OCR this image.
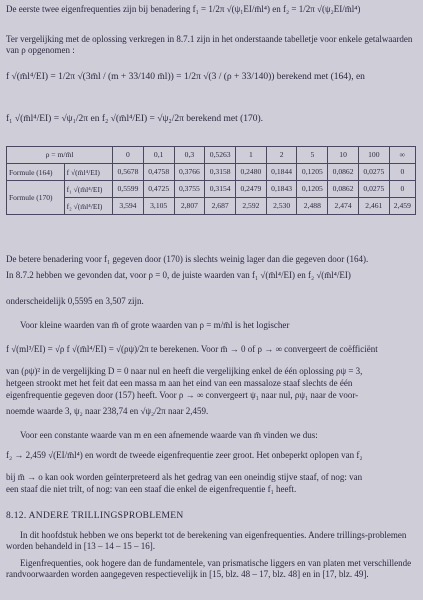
De eerste twee eigenfrequenties zijn bij benadering f₁ = 1/2π √(ψ₁EI/m̄l⁴) en f₂ = 1/2π √(ψ₂EI/m̄l⁴)
Ter vergelijking met de oplossing verkregen in 8.7.1 zijn in het onderstaande tabelletje voor enkele getalwaarden van ρ opgenomen :
f √(m̄l⁴/EI) = 1/2π √(3m̄l / (m + 33/140 m̄l)) = 1/2π √(3 / (ρ + 33/140)) berekend met (164), en
f₁ √(m̄l⁴/EI) = √ψ₁/2π en f₂ √(m̄l⁴/EI) = √ψ₂/2π berekend met (170).
ρ = m/m̄l		0	0,1	0,3	0,5263	1	2	5	10	100	∞
Formule (164)	f √(m̄l⁴/EI)	0,5678	0,4758	0,3766	0,3158	0,2480	0,1844	0,1205	0,0862	0,0275	0
Formule (170)	f₁ √(m̄l⁴/EI)	0,5599	0,4725	0,3755	0,3154	0,2479	0,1843	0,1205	0,0862	0,0275	0
	f₂ √(m̄l⁴/EI)	3,594	3,105	2,807	2,687	2,592	2,530	2,488	2,474	2,461	2,459
De betere benadering voor f₁ gegeven door (170) is slechts weinig lager dan die gegeven door (164).
In 8.7.2 hebben we gevonden dat, voor ρ = 0, de juiste waarden van f₁ √(m̄l⁴/EI) en f₂ √(m̄l⁴/EI)
onderscheidelijk 0,5595 en 3,507 zijn.
Voor kleine waarden van m̄ of grote waarden van ρ = m/m̄l is het logischer
f √(ml³/EI) = √ρ f √(m̄l⁴/EI) = √(ρψ)/2π te berekenen. Voor m̄ → 0 of ρ → ∞ convergeert de coëfficiënt
van (ρψ)² in de vergelijking D = 0 naar nul en heeft die vergelijking enkel de één oplossing ρψ = 3,
hetgeen strookt met het feit dat een massa m aan het eind van een massaloze staaf slechts de één
eigenfrequentie gegeven door (157) heeft. Voor ρ → ∞ convergeert ψ₁ naar nul, ρψ₁ naar de voor-
noemde waarde 3, ψ₂ naar 238,74 en √ψ₂/2π naar 2,459.
Voor een constante waarde van m en een afnemende waarde van m̄ vinden we dus:
f₂ → 2,459 √(EI/m̄l⁴) en wordt de tweede eigenfrequentie zeer groot. Het onbeperkt oplopen van f₂
bij m̄ → o kan ook worden geïnterpreteerd als het gedrag van een oneindig stijve staaf, of nog: van
een staaf die niet trilt, of nog: van een staaf die enkel de eigenfrequentie f₁ heeft.
8.12. ANDERE TRILLINGSPROBLEMEN
In dit hoofdstuk hebben we ons beperkt tot de berekening van eigenfrequenties. Andere trillings-problemen worden behandeld in [13 – 14 – 15 – 16].
Eigenfrequenties, ook hogere dan de fundamentele, van prismatische liggers en van platen met verschillende randvoorwaarden worden aangegeven respectievelijk in [15, blz. 48 – 17, blz. 48] en in [17, blz. 49].
